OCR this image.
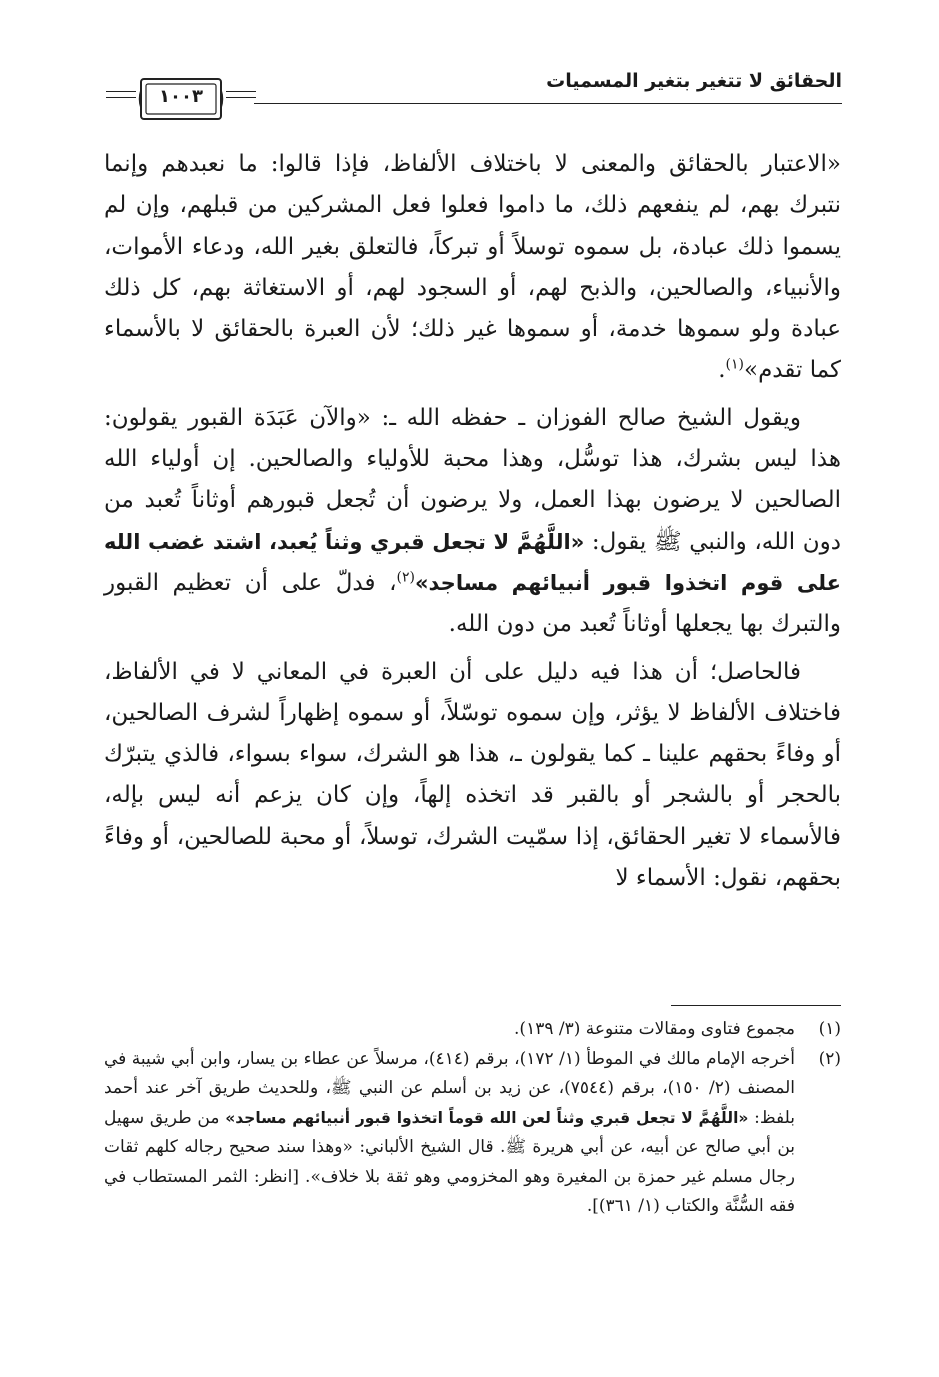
الحقائق لا تتغير بتغير المسميات
١٠٠٣

«الاعتبار بالحقائق والمعنى لا باختلاف الألفاظ، فإذا قالوا: ما نعبدهم وإنما نتبرك بهم، لم ينفعهم ذلك، ما داموا فعلوا فعل المشركين من قبلهم، وإن لم يسموا ذلك عبادة، بل سموه توسلاً أو تبركاً، فالتعلق بغير الله، ودعاء الأموات، والأنبياء، والصالحين، والذبح لهم، أو السجود لهم، أو الاستغاثة بهم، كل ذلك عبادة ولو سموها خدمة، أو سموها غير ذلك؛ لأن العبرة بالحقائق لا بالأسماء كما تقدم»$^{(١)}$.

ويقول الشيخ صالح الفوزان ـ حفظه الله ـ: «والآن عَبَدَة القبور يقولون: هذا ليس بشرك، هذا توسُّل، وهذا محبة للأولياء والصالحين. إن أولياء الله الصالحين لا يرضون بهذا العمل، ولا يرضون أن تُجعل قبورهم أوثاناً تُعبد من دون الله، والنبي ﷺ يقول: «اللَّهُمَّ لا تجعل قبري وثناً يُعبد، اشتد غضب الله على قوم اتخذوا قبور أنبيائهم مساجد»$^{(٢)}$، فدلّ على أن تعظيم القبور والتبرك بها يجعلها أوثاناً تُعبد من دون الله.

فالحاصل؛ أن هذا فيه دليل على أن العبرة في المعاني لا في الألفاظ، فاختلاف الألفاظ لا يؤثر، وإن سموه توسّلاً، أو سموه إظهاراً لشرف الصالحين، أو وفاءً بحقهم علينا ـ كما يقولون ـ، هذا هو الشرك، سواء بسواء، فالذي يتبرّك بالحجر أو بالشجر أو بالقبر قد اتخذه إلهاً، وإن كان يزعم أنه ليس بإله، فالأسماء لا تغير الحقائق، إذا سمّيت الشرك، توسلاً، أو محبة للصالحين، أو وفاءً بحقهم، نقول: الأسماء لا

(١)
مجموع فتاوى ومقالات متنوعة (٣/ ١٣٩).
(٢)
أخرجه الإمام مالك في الموطأ (١/ ١٧٢)، برقم (٤١٤)، مرسلاً عن عطاء بن يسار، وابن أبي شيبة في المصنف (٢/ ١٥٠)، برقم (٧٥٤٤)، عن زيد بن أسلم عن النبي ﷺ، وللحديث طريق آخر عند أحمد بلفظ: «اللَّهُمَّ لا تجعل قبري وثناً لعن الله قوماً اتخذوا قبور أنبيائهم مساجد» من طريق سهيل بن أبي صالح عن أبيه، عن أبي هريرة ﷺ. قال الشيخ الألباني: «وهذا سند صحيح رجاله كلهم ثقات رجال مسلم غير حمزة بن المغيرة وهو المخزومي وهو ثقة بلا خلاف». [انظر: الثمر المستطاب في فقه السُّنَّة والكتاب (١/ ٣٦١)].
